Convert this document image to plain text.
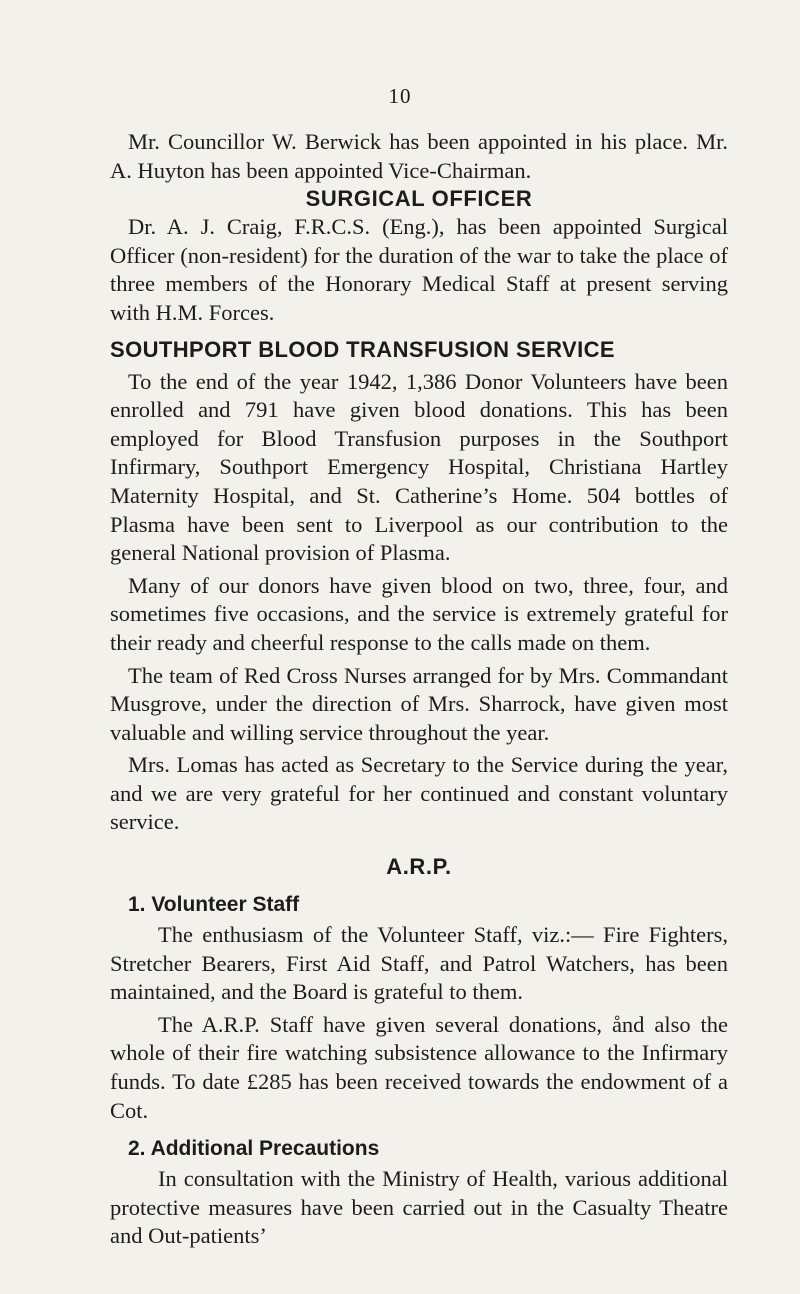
10

Mr. Councillor W. Berwick has been appointed in his place. Mr. A. Huyton has been appointed Vice-Chairman.

SURGICAL OFFICER

Dr. A. J. Craig, F.R.C.S. (Eng.), has been appointed Surgical Officer (non-resident) for the duration of the war to take the place of three members of the Honorary Medical Staff at present serving with H.M. Forces.

SOUTHPORT BLOOD TRANSFUSION SERVICE

To the end of the year 1942, 1,386 Donor Volunteers have been enrolled and 791 have given blood donations. This has been employed for Blood Transfusion purposes in the Southport Infirmary, Southport Emergency Hospital, Christiana Hartley Maternity Hospital, and St. Catherine’s Home. 504 bottles of Plasma have been sent to Liverpool as our contribution to the general National provision of Plasma.

Many of our donors have given blood on two, three, four, and sometimes five occasions, and the service is extremely grateful for their ready and cheerful response to the calls made on them.

The team of Red Cross Nurses arranged for by Mrs. Commandant Musgrove, under the direction of Mrs. Sharrock, have given most valuable and willing service throughout the year.

Mrs. Lomas has acted as Secretary to the Service during the year, and we are very grateful for her continued and constant voluntary service.

A.R.P.
1. Volunteer Staff

The enthusiasm of the Volunteer Staff, viz.:— Fire Fighters, Stretcher Bearers, First Aid Staff, and Patrol Watchers, has been maintained, and the Board is grateful to them.

The A.R.P. Staff have given several donations, ånd also the whole of their fire watching subsistence allowance to the Infirmary funds. To date £285 has been received towards the endowment of a Cot.

2. Additional Precautions

In consultation with the Ministry of Health, various additional protective measures have been carried out in the Casualty Theatre and Out-patients’
